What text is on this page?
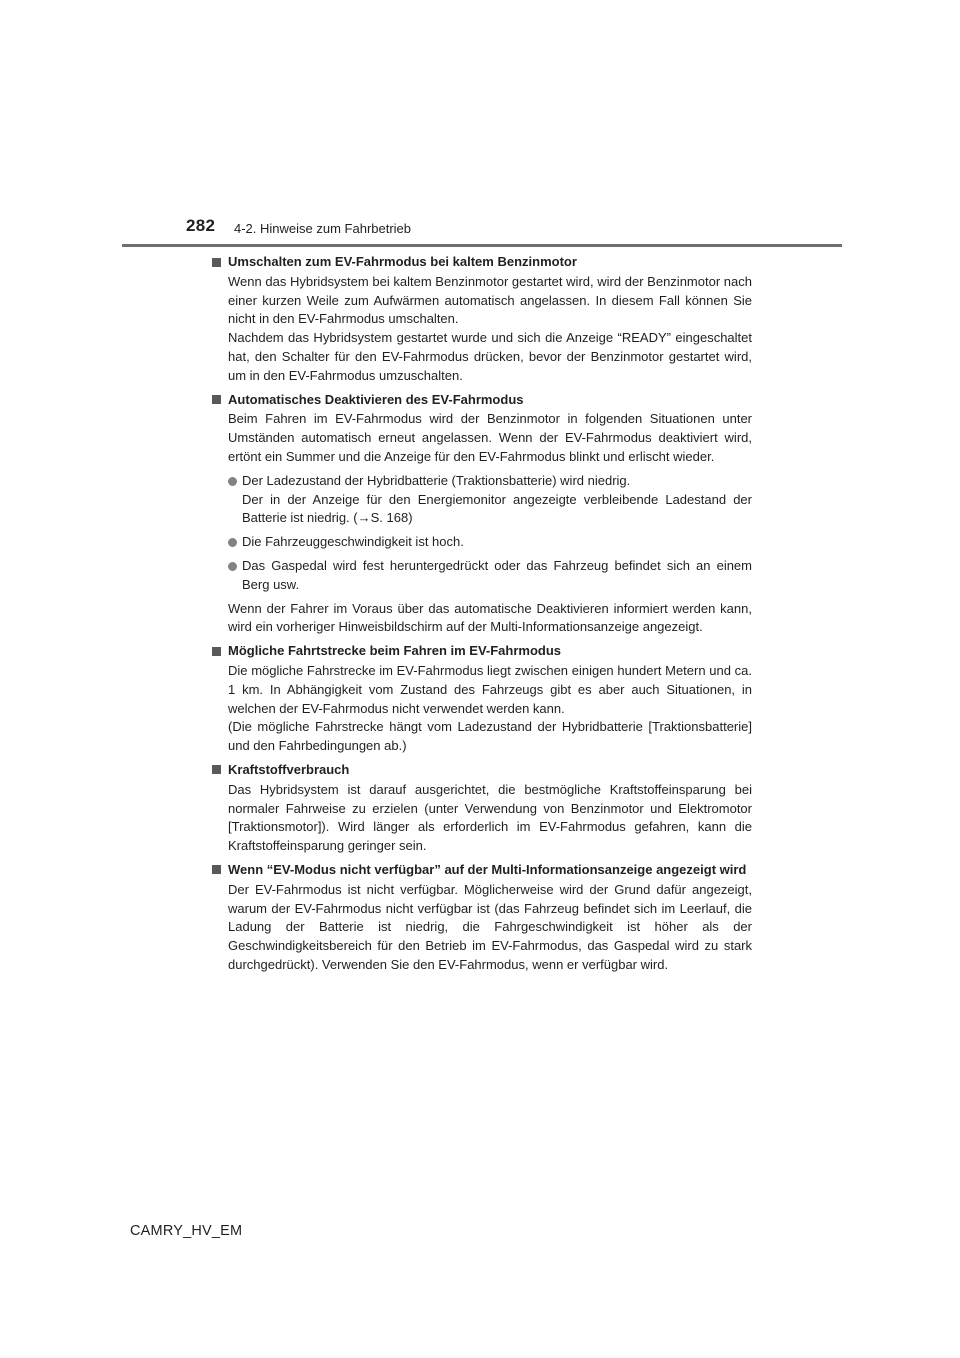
282 4-2. Hinweise zum Fahrbetrieb
Umschalten zum EV-Fahrmodus bei kaltem Benzinmotor

Wenn das Hybridsystem bei kaltem Benzinmotor gestartet wird, wird der Benzinmotor nach einer kurzen Weile zum Aufwärmen automatisch angelassen. In diesem Fall können Sie nicht in den EV-Fahrmodus umschalten.

Nachdem das Hybridsystem gestartet wurde und sich die Anzeige “READY” eingeschaltet hat, den Schalter für den EV-Fahrmodus drücken, bevor der Benzinmotor gestartet wird, um in den EV-Fahrmodus umzuschalten.

Automatisches Deaktivieren des EV-Fahrmodus

Beim Fahren im EV-Fahrmodus wird der Benzinmotor in folgenden Situationen unter Umständen automatisch erneut angelassen. Wenn der EV-Fahrmodus deaktiviert wird, ertönt ein Summer und die Anzeige für den EV-Fahrmodus blinkt und erlischt wieder.

Der Ladezustand der Hybridbatterie (Traktionsbatterie) wird niedrig.
Der in der Anzeige für den Energiemonitor angezeigte verbleibende Ladestand der Batterie ist niedrig. (→S. 168)
Die Fahrzeuggeschwindigkeit ist hoch.
Das Gaspedal wird fest heruntergedrückt oder das Fahrzeug befindet sich an einem Berg usw.

Wenn der Fahrer im Voraus über das automatische Deaktivieren informiert werden kann, wird ein vorheriger Hinweisbildschirm auf der Multi-Informationsanzeige angezeigt.

Mögliche Fahrtstrecke beim Fahren im EV-Fahrmodus

Die mögliche Fahrstrecke im EV-Fahrmodus liegt zwischen einigen hundert Metern und ca. 1 km. In Abhängigkeit vom Zustand des Fahrzeugs gibt es aber auch Situationen, in welchen der EV-Fahrmodus nicht verwendet werden kann.

(Die mögliche Fahrstrecke hängt vom Ladezustand der Hybridbatterie [Traktionsbatterie] und den Fahrbedingungen ab.)

Kraftstoffverbrauch

Das Hybridsystem ist darauf ausgerichtet, die bestmögliche Kraftstoffeinsparung bei normaler Fahrweise zu erzielen (unter Verwendung von Benzinmotor und Elektromotor [Traktionsmotor]). Wird länger als erforderlich im EV-Fahrmodus gefahren, kann die Kraftstoffeinsparung geringer sein.

Wenn “EV-Modus nicht verfügbar” auf der Multi-Informationsanzeige angezeigt wird

Der EV-Fahrmodus ist nicht verfügbar. Möglicherweise wird der Grund dafür angezeigt, warum der EV-Fahrmodus nicht verfügbar ist (das Fahrzeug befindet sich im Leerlauf, die Ladung der Batterie ist niedrig, die Fahrgeschwindigkeit ist höher als der Geschwindigkeitsbereich für den Betrieb im EV-Fahrmodus, das Gaspedal wird zu stark durchgedrückt). Verwenden Sie den EV-Fahrmodus, wenn er verfügbar wird.

CAMRY_HV_EM
